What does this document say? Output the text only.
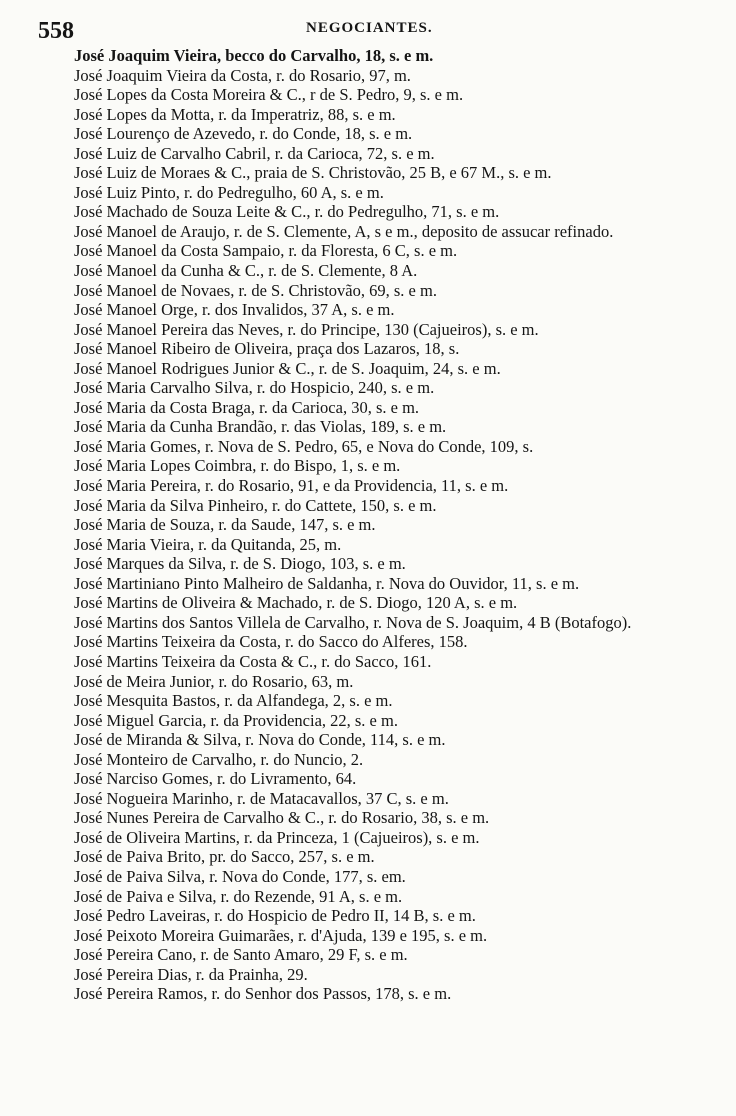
558	NEGOCIANTES.
José Joaquim Vieira, becco do Carvalho, 18, s. e m.
José Joaquim Vieira da Costa, r. do Rosario, 97, m.
José Lopes da Costa Moreira & C., r de S. Pedro, 9, s. e m.
José Lopes da Motta, r. da Imperatriz, 88, s. e m.
José Lourenço de Azevedo, r. do Conde, 18, s. e m.
José Luiz de Carvalho Cabril, r. da Carioca, 72, s. e m.
José Luiz de Moraes & C., praia de S. Christovão, 25 B, e 67 M., s. e m.
José Luiz Pinto, r. do Pedregulho, 60 A, s. e m.
José Machado de Souza Leite & C., r. do Pedregulho, 71, s. e m.
José Manoel de Araujo, r. de S. Clemente, A, s e m., deposito de assucar refinado.
José Manoel da Costa Sampaio, r. da Floresta, 6 C, s. e m.
José Manoel da Cunha & C., r. de S. Clemente, 8 A.
José Manoel de Novaes, r. de S. Christovão, 69, s. e m.
José Manoel Orge, r. dos Invalidos, 37 A, s. e m.
José Manoel Pereira das Neves, r. do Principe, 130 (Cajueiros), s. e m.
José Manoel Ribeiro de Oliveira, praça dos Lazaros, 18, s.
José Manoel Rodrigues Junior & C., r. de S. Joaquim, 24, s. e m.
José Maria Carvalho Silva, r. do Hospicio, 240, s. e m.
José Maria da Costa Braga, r. da Carioca, 30, s. e m.
José Maria da Cunha Brandão, r. das Violas, 189, s. e m.
José Maria Gomes, r. Nova de S. Pedro, 65, e Nova do Conde, 109, s.
José Maria Lopes Coimbra, r. do Bispo, 1, s. e m.
José Maria Pereira, r. do Rosario, 91, e da Providencia, 11, s. e m.
José Maria da Silva Pinheiro, r. do Cattete, 150, s. e m.
José Maria de Souza, r. da Saude, 147, s. e m.
José Maria Vieira, r. da Quitanda, 25, m.
José Marques da Silva, r. de S. Diogo, 103, s. e m.
José Martiniano Pinto Malheiro de Saldanha, r. Nova do Ouvidor, 11, s. e m.
José Martins de Oliveira & Machado, r. de S. Diogo, 120 A, s. e m.
José Martins dos Santos Villela de Carvalho, r. Nova de S. Joaquim, 4 B (Botafogo).
José Martins Teixeira da Costa, r. do Sacco do Alferes, 158.
José Martins Teixeira da Costa & C., r. do Sacco, 161.
José de Meira Junior, r. do Rosario, 63, m.
José Mesquita Bastos, r. da Alfandega, 2, s. e m.
José Miguel Garcia, r. da Providencia, 22, s. e m.
José de Miranda & Silva, r. Nova do Conde, 114, s. e m.
José Monteiro de Carvalho, r. do Nuncio, 2.
José Narciso Gomes, r. do Livramento, 64.
José Nogueira Marinho, r. de Matacavallos, 37 C, s. e m.
José Nunes Pereira de Carvalho & C., r. do Rosario, 38, s. e m.
José de Oliveira Martins, r. da Princeza, 1 (Cajueiros), s. e m.
José de Paiva Brito, pr. do Sacco, 257, s. e m.
José de Paiva Silva, r. Nova do Conde, 177, s. em.
José de Paiva e Silva, r. do Rezende, 91 A, s. e m.
José Pedro Laveiras, r. do Hospicio de Pedro II, 14 B, s. e m.
José Peixoto Moreira Guimarães, r. d'Ajuda, 139 e 195, s. e m.
José Pereira Cano, r. de Santo Amaro, 29 F, s. e m.
José Pereira Dias, r. da Prainha, 29.
José Pereira Ramos, r. do Senhor dos Passos, 178, s. e m.
